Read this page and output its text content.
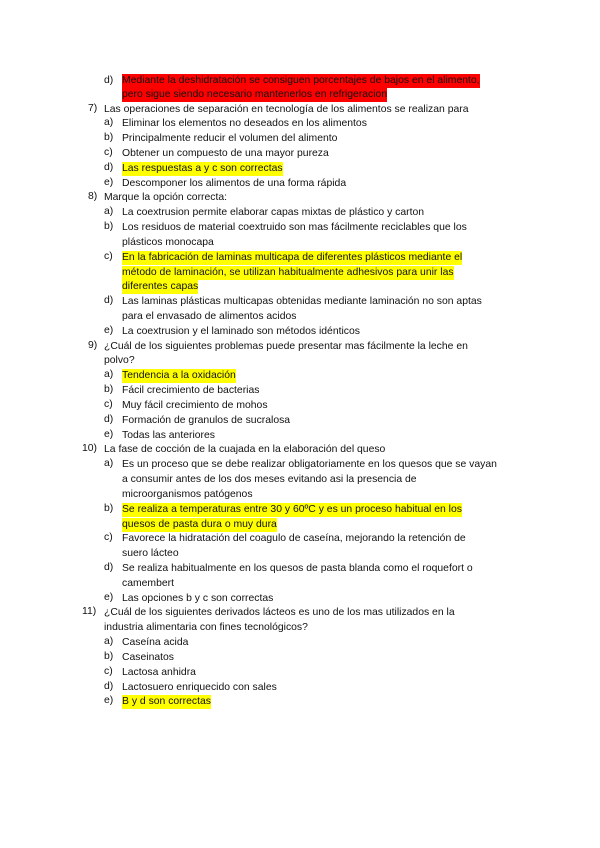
d) Mediante la deshidratación se consiguen porcentajes de bajos en el alimento,
pero sigue siendo necesario mantenerlos en refrigeracion
7) Las operaciones de separación en tecnología de los alimentos se realizan para
a) Eliminar los elementos no deseados en los alimentos
b) Principalmente reducir el volumen del alimento
c) Obtener un compuesto de una mayor pureza
d) Las respuestas a y c son correctas
e) Descomponer los alimentos de una forma rápida
8) Marque la opción correcta:
a) La coextrusion permite elaborar capas mixtas de plástico y carton
b) Los residuos de material coextruido son mas fácilmente reciclables que los
plásticos monocapa
c) En la fabricación de laminas multicapa de diferentes plásticos mediante el
método de laminación, se utilizan habitualmente adhesivos para unir las
diferentes capas
d) Las laminas plásticas multicapas obtenidas mediante laminación no son aptas
para el envasado de alimentos acidos
e) La coextrusion y el laminado son métodos idénticos
9) ¿Cuál de los siguientes problemas puede presentar mas fácilmente la leche en
polvo?
a) Tendencia a la oxidación
b) Fácil crecimiento de bacterias
c) Muy fácil crecimiento de mohos
d) Formación de granulos de sucralosa
e) Todas las anteriores
10) La fase de cocción de la cuajada en la elaboración del queso
a) Es un proceso que se debe realizar obligatoriamente en los quesos que se vayan
a consumir antes de los dos meses evitando asi la presencia de
microorganismos patógenos
b) Se realiza a temperaturas entre 30 y 60ºC y es un proceso habitual en los
quesos de pasta dura o muy dura
c) Favorece la hidratación del coagulo de caseína, mejorando la retención de
suero lácteo
d) Se realiza habitualmente en los quesos de pasta blanda como el roquefort o
camembert
e) Las opciones b y c son correctas
11) ¿Cuál de los siguientes derivados lácteos es uno de los mas utilizados en la
industria alimentaria con fines tecnológicos?
a) Caseína acida
b) Caseinatos
c) Lactosa anhidra
d) Lactosuero enriquecido con sales
e) B y d son correctas
